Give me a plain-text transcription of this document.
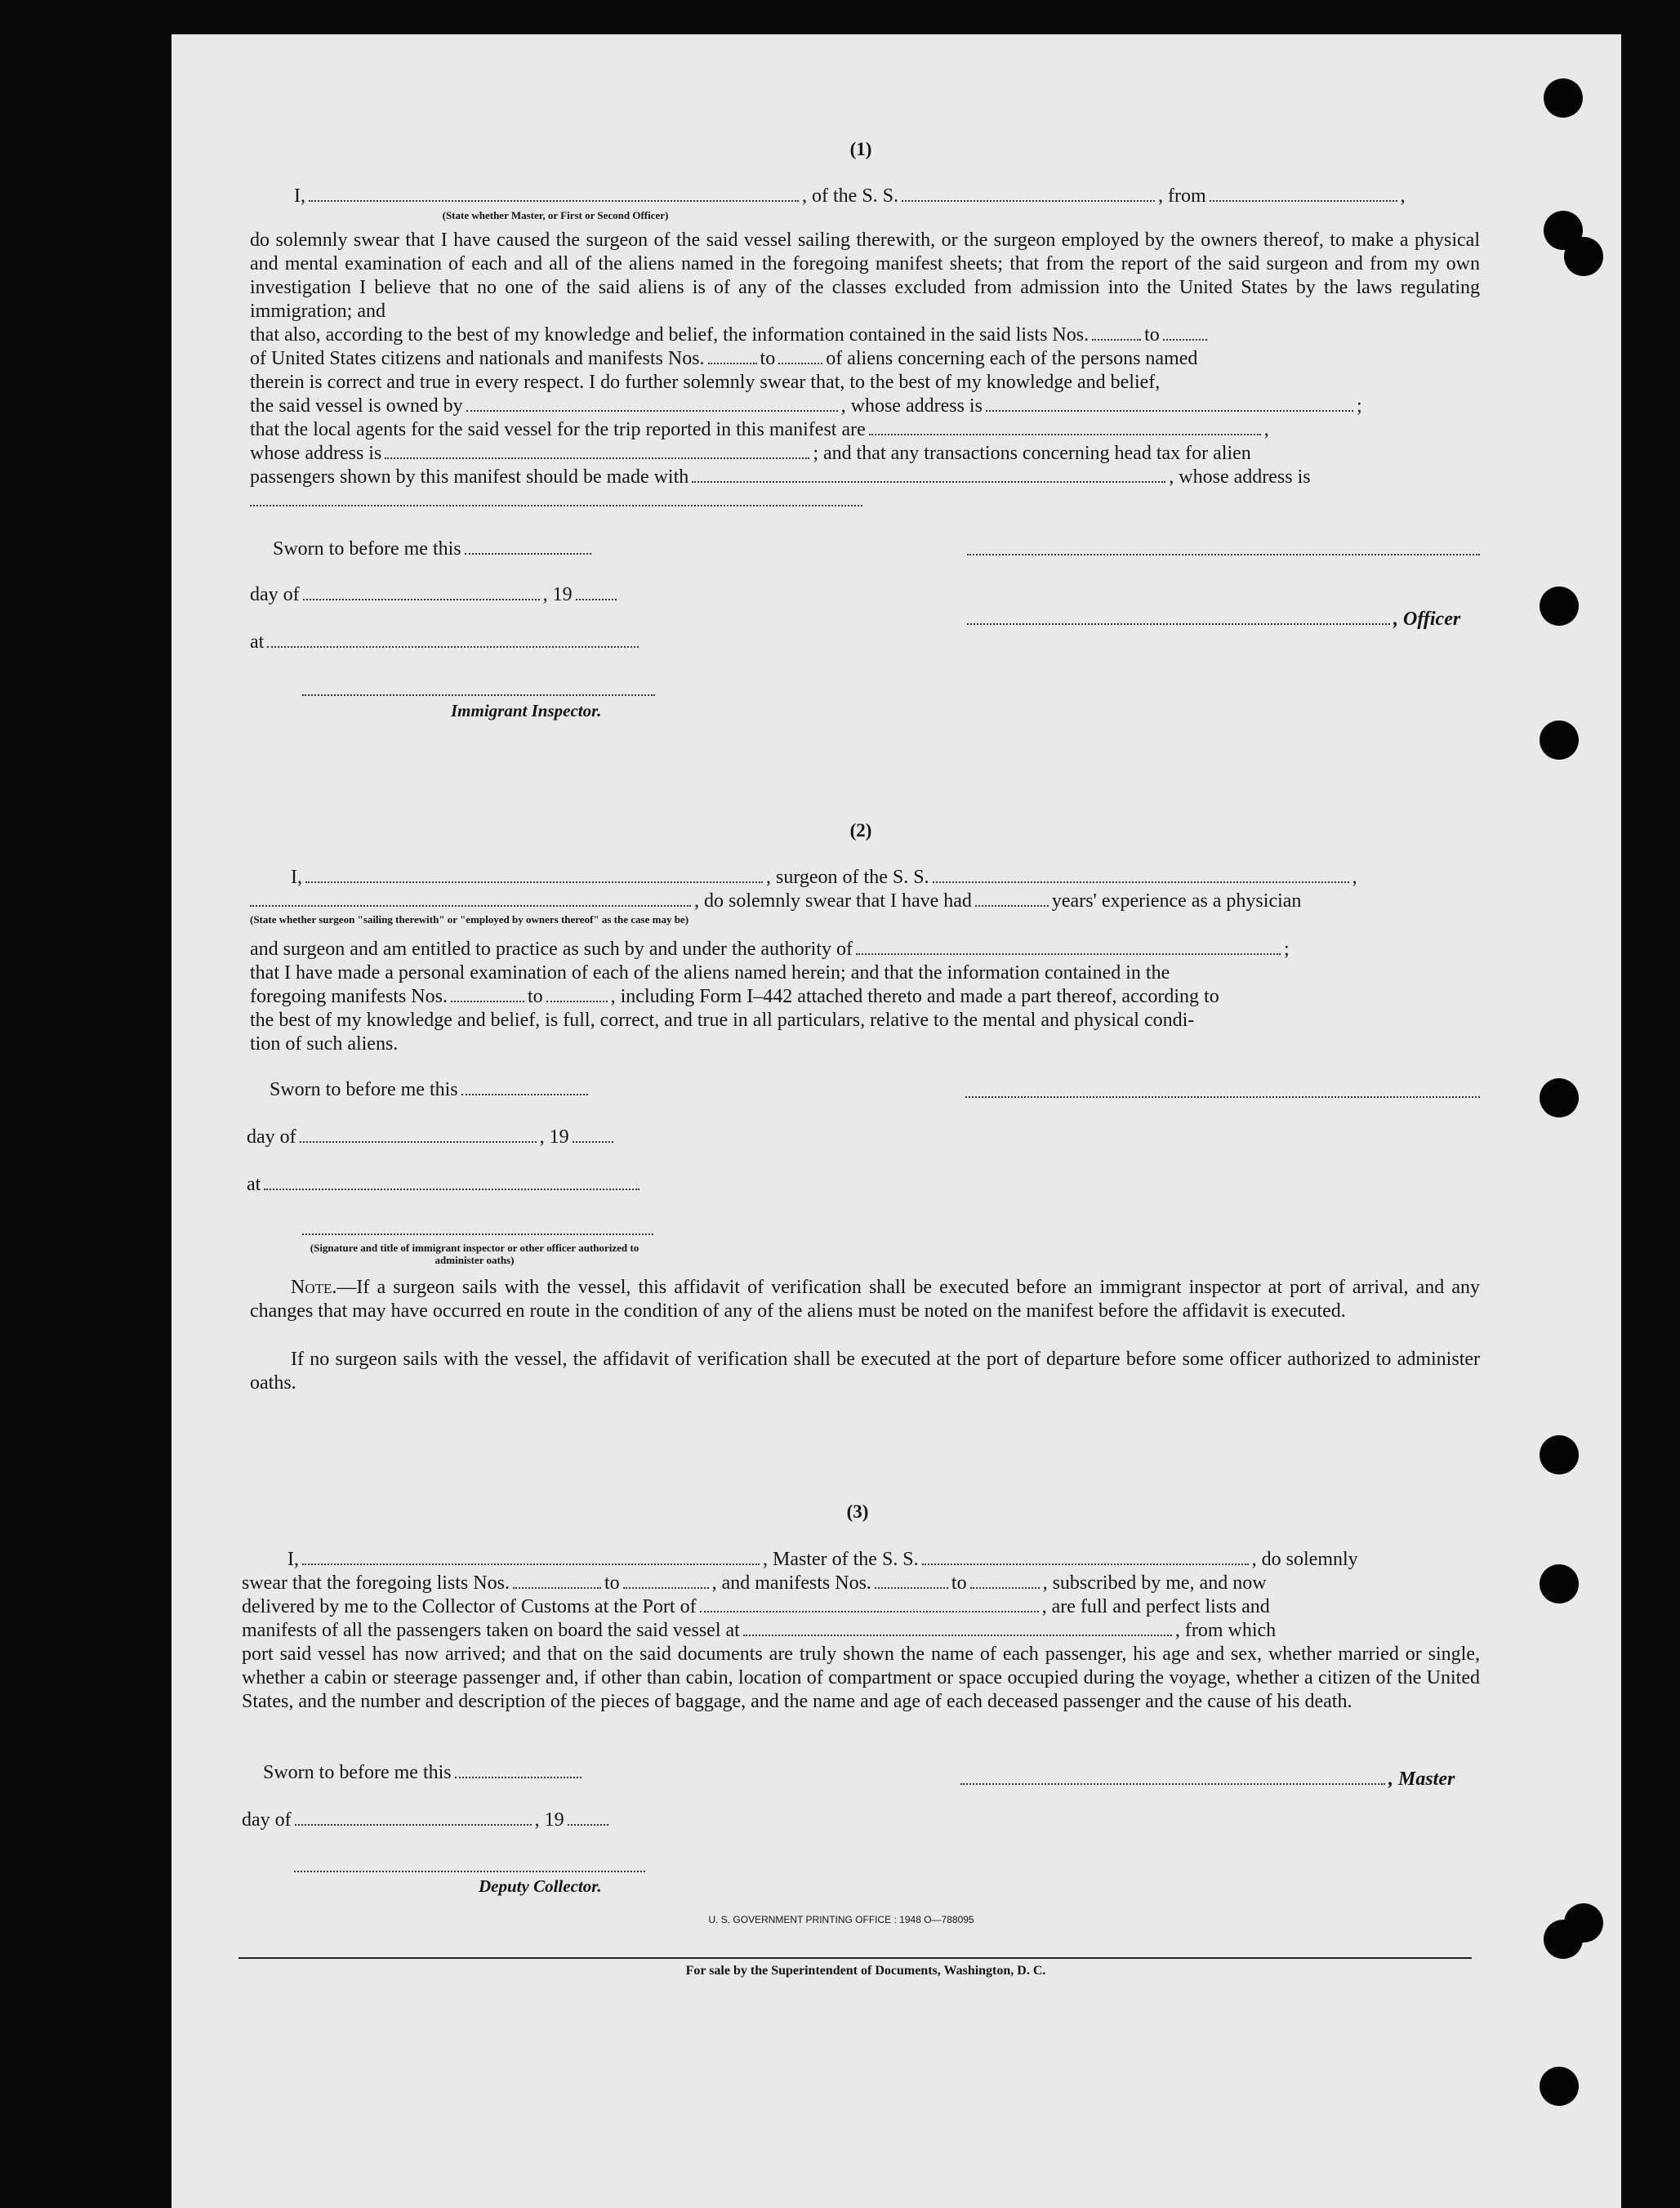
(1)
I,	, of the S. S.	, from	,
(State whether Master, or First or Second Officer)
do solemnly swear that I have caused the surgeon of the said vessel sailing therewith, or the surgeon employed by the owners thereof, to make a physical and mental examination of each and all of the aliens named in the foregoing manifest sheets; that from the report of the said surgeon and from my own investigation I believe that no one of the said aliens is of any of the classes excluded from admission into the United States by the laws regulating immigration; and
that also, according to the best of my knowledge and belief, the information contained in the said lists Nos.	to
of United States citizens and nationals and manifests Nos.	to	of aliens concerning each of the persons named
therein is correct and true in every respect. I do further solemnly swear that, to the best of my knowledge and belief,
the said vessel is owned by	, whose address is	;
that the local agents for the said vessel for the trip reported in this manifest are	,
whose address is	; and that any transactions concerning head tax for alien
passengers shown by this manifest should be made with	, whose address is
Sworn to before me this
day of	, 19
at
Immigrant Inspector.
, Officer
(2)
I,	, surgeon of the S. S.	,
, do solemnly swear that I have had	years' experience as a physician
(State whether surgeon "sailing therewith" or "employed by owners thereof" as the case may be)
and surgeon and am entitled to practice as such by and under the authority of	;
that I have made a personal examination of each of the aliens named herein; and that the information contained in the
foregoing manifests Nos.	to	, including Form I–442 attached thereto and made a part thereof, according to
the best of my knowledge and belief, is full, correct, and true in all particulars, relative to the mental and physical condi-
tion of such aliens.
Sworn to before me this
day of	, 19
at
(Signature and title of immigrant inspector or other officer authorized to administer oaths)
Note.—If a surgeon sails with the vessel, this affidavit of verification shall be executed before an immigrant inspector at port of arrival, and any changes that may have occurred en route in the condition of any of the aliens must be noted on the manifest before the affidavit is executed.
If no surgeon sails with the vessel, the affidavit of verification shall be executed at the port of departure before some officer authorized to administer oaths.
(3)
I,	, Master of the S. S.	, do solemnly
swear that the foregoing lists Nos.	to	, and manifests Nos.	to	, subscribed by me, and now
delivered by me to the Collector of Customs at the Port of	, are full and perfect lists and
manifests of all the passengers taken on board the said vessel at	, from which
port said vessel has now arrived; and that on the said documents are truly shown the name of each passenger, his age and sex, whether married or single, whether a cabin or steerage passenger and, if other than cabin, location of compartment or space occupied during the voyage, whether a citizen of the United States, and the number and description of the pieces of baggage, and the name and age of each deceased passenger and the cause of his death.
Sworn to before me this	, Master
day of	, 19
Deputy Collector.
U. S. GOVERNMENT PRINTING OFFICE : 1948 O—788095
For sale by the Superintendent of Documents, Washington, D. C.
